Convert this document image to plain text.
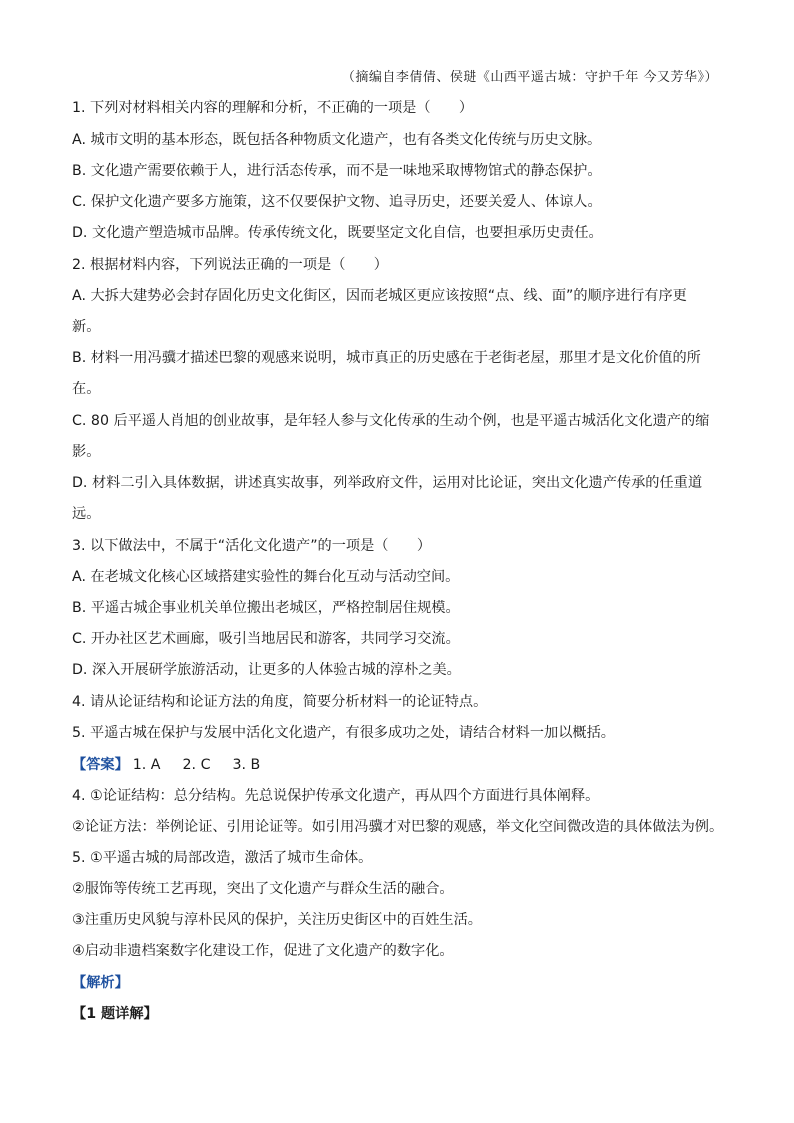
（摘编自李倩倩、侯琎《山西平遥古城：守护千年 今又芳华》）
1. 下列对材料相关内容的理解和分析，不正确的一项是（　　）
A. 城市文明的基本形态，既包括各种物质文化遗产，也有各类文化传统与历史文脉。
B. 文化遗产需要依赖于人，进行活态传承，而不是一味地采取博物馆式的静态保护。
C. 保护文化遗产要多方施策，这不仅要保护文物、追寻历史，还要关爱人、体谅人。
D. 文化遗产塑造城市品牌。传承传统文化，既要坚定文化自信，也要担承历史责任。
2. 根据材料内容，下列说法正确的一项是（　　）
A. 大拆大建势必会封存固化历史文化街区，因而老城区更应该按照“点、线、面”的顺序进行有序更
新。
B. 材料一用冯骥才描述巴黎的观感来说明，城市真正的历史感在于老街老屋，那里才是文化价值的所
在。
C. 80 后平遥人肖旭的创业故事，是年轻人参与文化传承的生动个例，也是平遥古城活化文化遗产的缩
影。
D. 材料二引入具体数据，讲述真实故事，列举政府文件，运用对比论证，突出文化遗产传承的任重道
远。
3. 以下做法中，不属于“活化文化遗产”的一项是（　　）
A. 在老城文化核心区域搭建实验性的舞台化互动与活动空间。
B. 平遥古城企事业机关单位搬出老城区，严格控制居住规模。
C. 开办社区艺术画廊，吸引当地居民和游客，共同学习交流。
D. 深入开展研学旅游活动，让更多的人体验古城的淳朴之美。
4. 请从论证结构和论证方法的角度，简要分析材料一的论证特点。
5. 平遥古城在保护与发展中活化文化遗产，有很多成功之处，请结合材料一加以概括。
【答案】 1. A 2. C 3. B
4. ①论证结构：总分结构。先总说保护传承文化遗产，再从四个方面进行具体阐释。
②论证方法：举例论证、引用论证等。如引用冯骥才对巴黎的观感，举文化空间微改造的具体做法为例。
5. ①平遥古城的局部改造，激活了城市生命体。
②服饰等传统工艺再现，突出了文化遗产与群众生活的融合。
③注重历史风貌与淳朴民风的保护，关注历史街区中的百姓生活。
④启动非遗档案数字化建设工作，促进了文化遗产的数字化。
【解析】
【1 题详解】
